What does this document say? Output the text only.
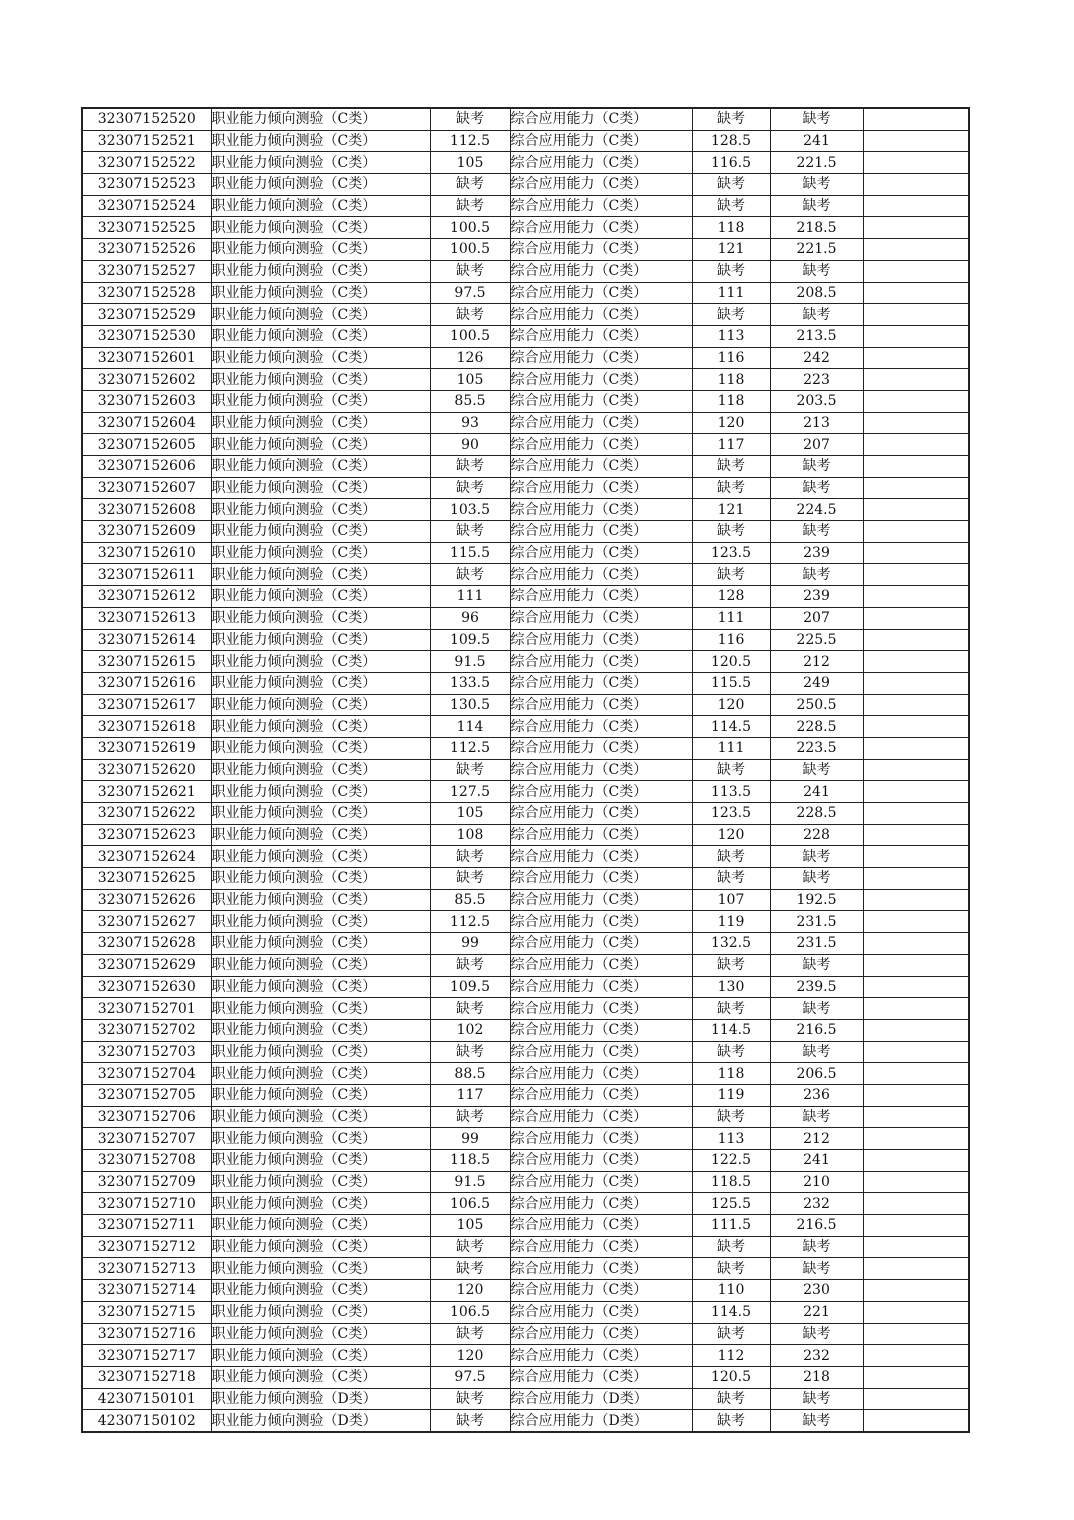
32307152520	职业能力倾向测验（C类）	缺考	综合应用能力（C类）	缺考	缺考	
32307152521	职业能力倾向测验（C类）	112.5	综合应用能力（C类）	128.5	241	
32307152522	职业能力倾向测验（C类）	105	综合应用能力（C类）	116.5	221.5	
32307152523	职业能力倾向测验（C类）	缺考	综合应用能力（C类）	缺考	缺考	
32307152524	职业能力倾向测验（C类）	缺考	综合应用能力（C类）	缺考	缺考	
32307152525	职业能力倾向测验（C类）	100.5	综合应用能力（C类）	118	218.5	
32307152526	职业能力倾向测验（C类）	100.5	综合应用能力（C类）	121	221.5	
32307152527	职业能力倾向测验（C类）	缺考	综合应用能力（C类）	缺考	缺考	
32307152528	职业能力倾向测验（C类）	97.5	综合应用能力（C类）	111	208.5	
32307152529	职业能力倾向测验（C类）	缺考	综合应用能力（C类）	缺考	缺考	
32307152530	职业能力倾向测验（C类）	100.5	综合应用能力（C类）	113	213.5	
32307152601	职业能力倾向测验（C类）	126	综合应用能力（C类）	116	242	
32307152602	职业能力倾向测验（C类）	105	综合应用能力（C类）	118	223	
32307152603	职业能力倾向测验（C类）	85.5	综合应用能力（C类）	118	203.5	
32307152604	职业能力倾向测验（C类）	93	综合应用能力（C类）	120	213	
32307152605	职业能力倾向测验（C类）	90	综合应用能力（C类）	117	207	
32307152606	职业能力倾向测验（C类）	缺考	综合应用能力（C类）	缺考	缺考	
32307152607	职业能力倾向测验（C类）	缺考	综合应用能力（C类）	缺考	缺考	
32307152608	职业能力倾向测验（C类）	103.5	综合应用能力（C类）	121	224.5	
32307152609	职业能力倾向测验（C类）	缺考	综合应用能力（C类）	缺考	缺考	
32307152610	职业能力倾向测验（C类）	115.5	综合应用能力（C类）	123.5	239	
32307152611	职业能力倾向测验（C类）	缺考	综合应用能力（C类）	缺考	缺考	
32307152612	职业能力倾向测验（C类）	111	综合应用能力（C类）	128	239	
32307152613	职业能力倾向测验（C类）	96	综合应用能力（C类）	111	207	
32307152614	职业能力倾向测验（C类）	109.5	综合应用能力（C类）	116	225.5	
32307152615	职业能力倾向测验（C类）	91.5	综合应用能力（C类）	120.5	212	
32307152616	职业能力倾向测验（C类）	133.5	综合应用能力（C类）	115.5	249	
32307152617	职业能力倾向测验（C类）	130.5	综合应用能力（C类）	120	250.5	
32307152618	职业能力倾向测验（C类）	114	综合应用能力（C类）	114.5	228.5	
32307152619	职业能力倾向测验（C类）	112.5	综合应用能力（C类）	111	223.5	
32307152620	职业能力倾向测验（C类）	缺考	综合应用能力（C类）	缺考	缺考	
32307152621	职业能力倾向测验（C类）	127.5	综合应用能力（C类）	113.5	241	
32307152622	职业能力倾向测验（C类）	105	综合应用能力（C类）	123.5	228.5	
32307152623	职业能力倾向测验（C类）	108	综合应用能力（C类）	120	228	
32307152624	职业能力倾向测验（C类）	缺考	综合应用能力（C类）	缺考	缺考	
32307152625	职业能力倾向测验（C类）	缺考	综合应用能力（C类）	缺考	缺考	
32307152626	职业能力倾向测验（C类）	85.5	综合应用能力（C类）	107	192.5	
32307152627	职业能力倾向测验（C类）	112.5	综合应用能力（C类）	119	231.5	
32307152628	职业能力倾向测验（C类）	99	综合应用能力（C类）	132.5	231.5	
32307152629	职业能力倾向测验（C类）	缺考	综合应用能力（C类）	缺考	缺考	
32307152630	职业能力倾向测验（C类）	109.5	综合应用能力（C类）	130	239.5	
32307152701	职业能力倾向测验（C类）	缺考	综合应用能力（C类）	缺考	缺考	
32307152702	职业能力倾向测验（C类）	102	综合应用能力（C类）	114.5	216.5	
32307152703	职业能力倾向测验（C类）	缺考	综合应用能力（C类）	缺考	缺考	
32307152704	职业能力倾向测验（C类）	88.5	综合应用能力（C类）	118	206.5	
32307152705	职业能力倾向测验（C类）	117	综合应用能力（C类）	119	236	
32307152706	职业能力倾向测验（C类）	缺考	综合应用能力（C类）	缺考	缺考	
32307152707	职业能力倾向测验（C类）	99	综合应用能力（C类）	113	212	
32307152708	职业能力倾向测验（C类）	118.5	综合应用能力（C类）	122.5	241	
32307152709	职业能力倾向测验（C类）	91.5	综合应用能力（C类）	118.5	210	
32307152710	职业能力倾向测验（C类）	106.5	综合应用能力（C类）	125.5	232	
32307152711	职业能力倾向测验（C类）	105	综合应用能力（C类）	111.5	216.5	
32307152712	职业能力倾向测验（C类）	缺考	综合应用能力（C类）	缺考	缺考	
32307152713	职业能力倾向测验（C类）	缺考	综合应用能力（C类）	缺考	缺考	
32307152714	职业能力倾向测验（C类）	120	综合应用能力（C类）	110	230	
32307152715	职业能力倾向测验（C类）	106.5	综合应用能力（C类）	114.5	221	
32307152716	职业能力倾向测验（C类）	缺考	综合应用能力（C类）	缺考	缺考	
32307152717	职业能力倾向测验（C类）	120	综合应用能力（C类）	112	232	
32307152718	职业能力倾向测验（C类）	97.5	综合应用能力（C类）	120.5	218	
42307150101	职业能力倾向测验（D类）	缺考	综合应用能力（D类）	缺考	缺考	
42307150102	职业能力倾向测验（D类）	缺考	综合应用能力（D类）	缺考	缺考	
